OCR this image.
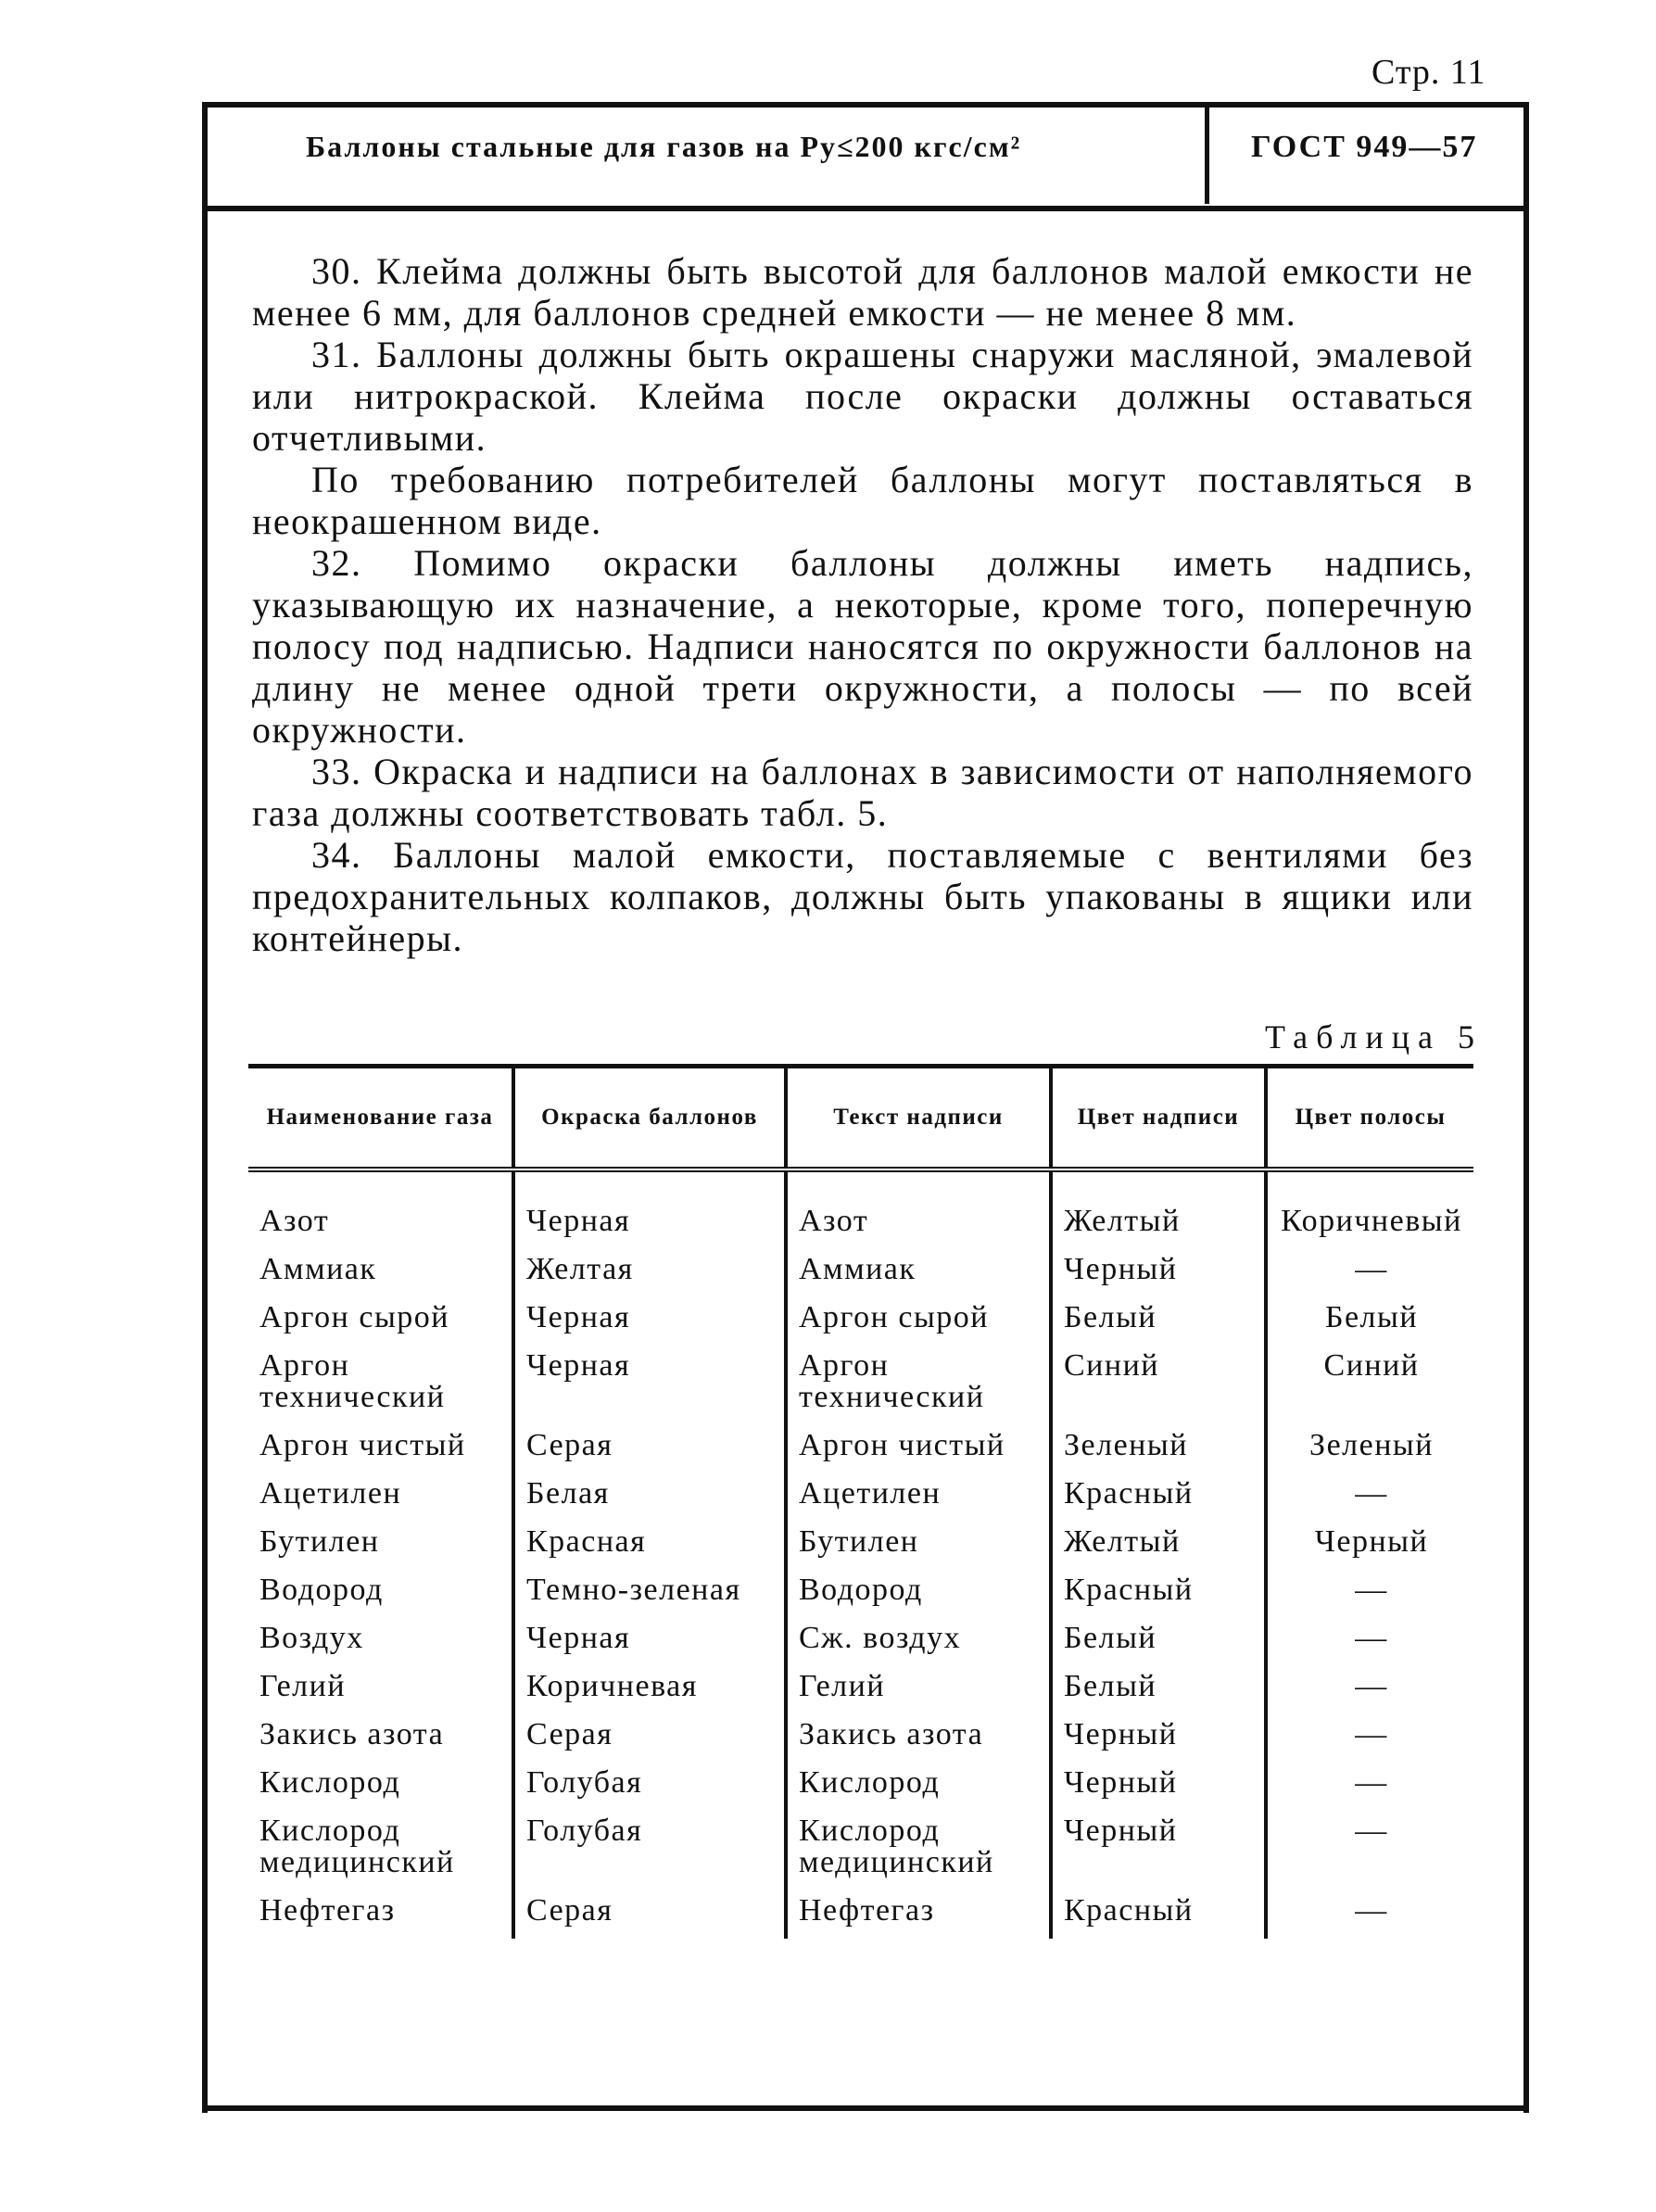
Стр. 11
Баллоны стальные для газов на Pу≤200 кгс/см²	ГОСТ 949—57

30. Клейма должны быть высотой для баллонов малой емкости не менее 6 мм, для баллонов средней емкости — не менее 8 мм.

31. Баллоны должны быть окрашены снаружи масляной, эмалевой или нитрокраской. Клейма после окраски должны оставаться отчетливыми.

По требованию потребителей баллоны могут поставляться в неокрашенном виде.

32. Помимо окраски баллоны должны иметь надпись, указывающую их назначение, а некоторые, кроме того, поперечную полосу под надписью. Надписи наносятся по окружности баллонов на длину не менее одной трети окружности, а полосы — по всей окружности.

33. Окраска и надписи на баллонах в зависимости от наполняемого газа должны соответствовать табл. 5.

34. Баллоны малой емкости, поставляемые с вентилями без предохранительных колпаков, должны быть упакованы в ящики или контейнеры.

Таблица 5
Наименование газа	Окраска баллонов	Текст надписи	Цвет надписи	Цвет полосы
Азот	Черная	Азот	Желтый	Коричневый
Аммиак	Желтая	Аммиак	Черный	—
Аргон сырой	Черная	Аргон сырой	Белый	Белый
Аргон технический	Черная	Аргон технический	Синий	Синий
Аргон чистый	Серая	Аргон чистый	Зеленый	Зеленый
Ацетилен	Белая	Ацетилен	Красный	—
Бутилен	Красная	Бутилен	Желтый	Черный
Водород	Темно-зеленая	Водород	Красный	—
Воздух	Черная	Сж. воздух	Белый	—
Гелий	Коричневая	Гелий	Белый	—
Закись азота	Серая	Закись азота	Черный	—
Кислород	Голубая	Кислород	Черный	—
Кислород медицинский	Голубая	Кислород медицинский	Черный	—
Нефтегаз	Серая	Нефтегаз	Красный	—
